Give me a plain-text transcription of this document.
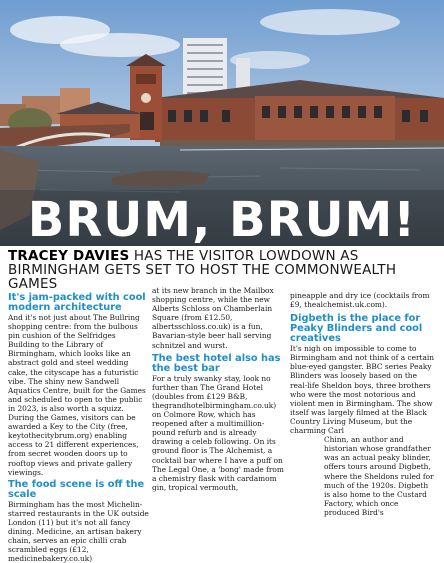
BRUM, BRUM!
TRACEY DAVIES HAS THE VISITOR LOWDOWN AS BIRMINGHAM GETS SET TO HOST THE COMMONWEALTH GAMES

It's jam-packed with cool modern architecture

And it's not just about The Bullring shopping centre: from the bulbous pin cushion of the Selfridges Building to the Library of Birmingham, which looks like an abstract gold and steel wedding cake, the cityscape has a futuristic vibe. The shiny new Sandwell Aquatics Centre, built for the Games and scheduled to open to the public in 2023, is also worth a squizz. During the Games, visitors can be awarded a Key to the City (free, keytothecitybrum.org) enabling access to 21 different experiences, from secret wooden doors up to rooftop views and private gallery viewings.

The food scene is off the scale

Birmingham has the most Michelin-starred restaurants in the UK outside London (11) but it's not all fancy dining. Medicine, an artisan bakery chain, serves an epic chilli crab scrambled eggs (£12, medicinebakery.co.uk)

at its new branch in the Mailbox shopping centre, while the new Alberts Schloss on Chamberlain Square (from £12.50, albertsschloss.co.uk) is a fun, Bavarian-style beer hall serving schnitzel and wurst.

The best hotel also has the best bar

For a truly swanky stay, look no further than The Grand Hotel (doubles from £129 B&B, thegrandhotelbirmingham.co.uk) on Colmore Row, which has reopened after a multimillion-pound refurb and is already drawing a celeb following. On its ground floor is The Alchemist, a cocktail bar where I have a puff on The Legal One, a 'bong' made from a chemistry flask with cardamom gin, tropical vermouth,

pineapple and dry ice (cocktails from £9, thealchemist.uk.com).

Digbeth is the place for Peaky Blinders and cool creatives

It's nigh on impossible to come to Birmingham and not think of a certain blue-eyed gangster. BBC series Peaky Blinders was loosely based on the real-life Sheldon boys, three brothers who were the most notorious and violent men in Birmingham. The show itself was largely filmed at the Black Country Living Museum, but the charming Carl

Chinn, an author and historian whose grandfather was an actual peaky blinder, offers tours around Digbeth, where the Sheldons ruled for much of the 1920s. Digbeth is also home to the Custard Factory, which once produced Bird's
